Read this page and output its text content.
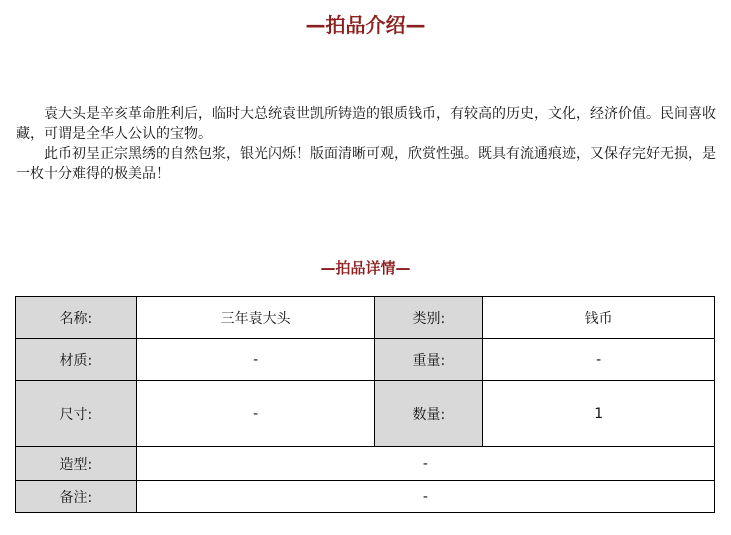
—拍品介绍—

袁大头是辛亥革命胜利后，临时大总统袁世凯所铸造的银质钱币，有较高的历史，文化，经济价值。民间喜收藏，可谓是全华人公认的宝物。

此币初呈正宗黑绣的自然包浆，银光闪烁！版面清晰可观，欣赏性强。既具有流通痕迹，又保存完好无损，是一枚十分难得的极美品！

—拍品详情—
名称:	三年袁大头	类别:	钱币
材质:	-	重量:	-
尺寸:	-	数量:	1
造型:	-		
备注:	-		
